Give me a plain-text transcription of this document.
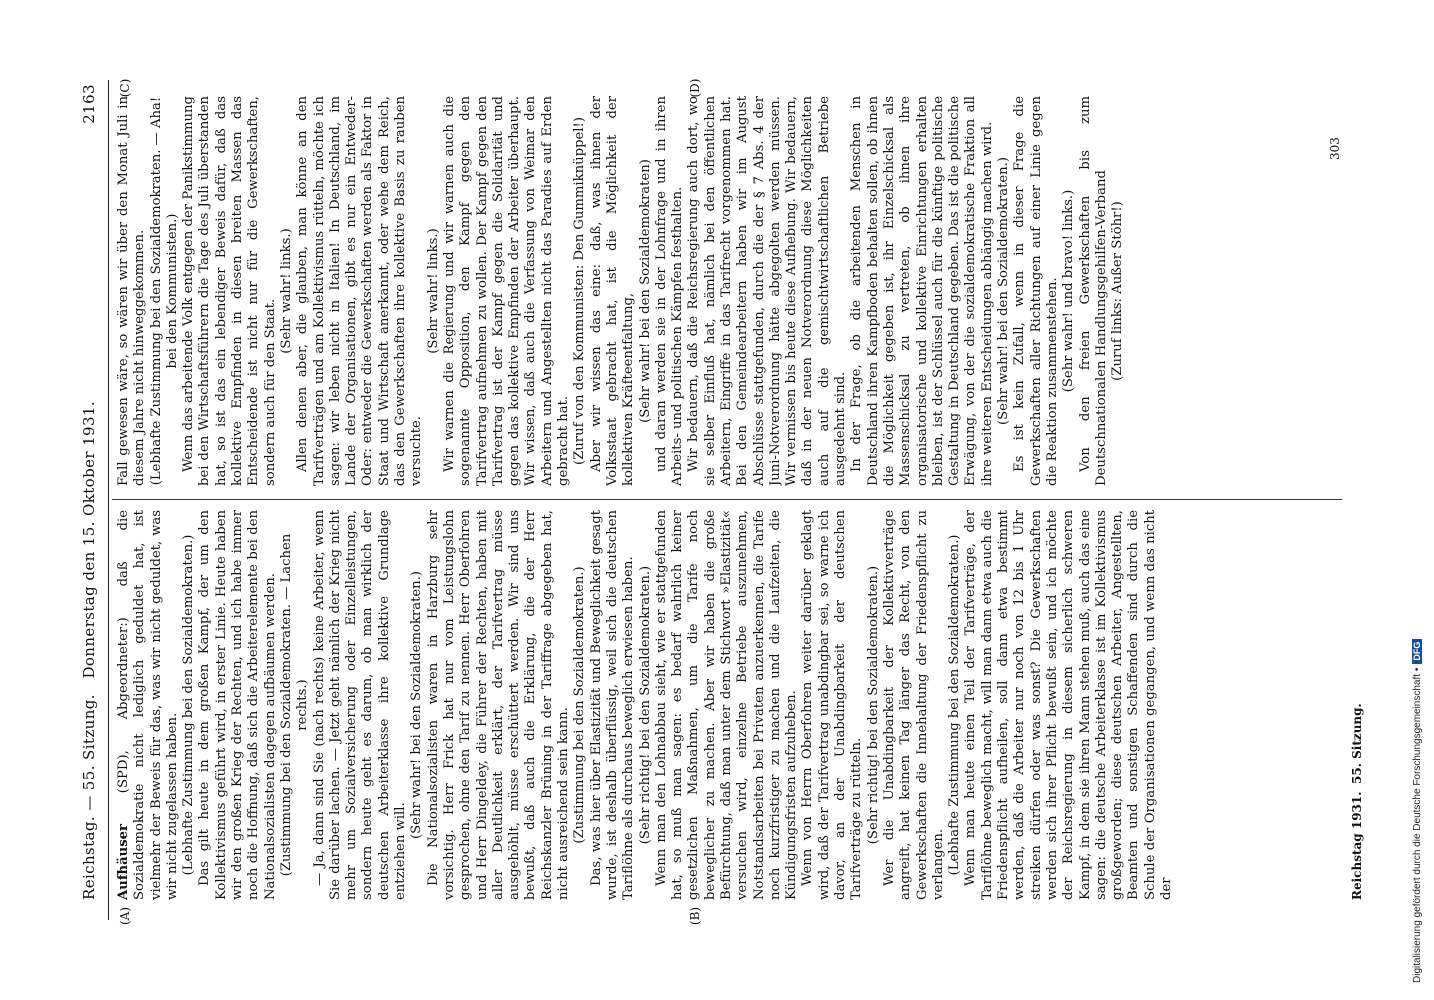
Reichstag. — 55. Sitzung.   Donnerstag den 15. Oktober 1931.
2163
(A)	(B)
(C)	(D)

Aufhäuser (SPD), Abgeordneter:) daß die Sozialdemokratie nicht lediglich geduldet hat, ist vielmehr der Beweis für das, was wir nicht geduldet, was wir nicht zugelassen haben. (Lebhafte Zustimmung bei den Sozialdemokraten.) Das gilt heute in dem großen Kampf, der um den Kollektivismus geführt wird, in erster Linie. Heute haben wir den großen Krieg der Rechten, und ich habe immer noch die Hoffnung, daß sich die Arbeiterelemente bei den Nationalsozialisten dagegen aufbäumen werden. (Zustimmung bei den Sozialdemokraten. — Lachen rechts.) — Ja, dann sind Sie (nach rechts) keine Arbeiter, wenn Sie darüber lachen. — Jetzt geht nämlich der Krieg nicht mehr um Sozialversicherung oder Einzelleistungen, sondern heute geht es darum, ob man wirklich der deutschen Arbeiterklasse ihre kollektive Grundlage entziehen will.

(Sehr wahr! bei den Sozialdemokraten.) Die Nationalsozialisten waren in Harzburg sehr vorsichtig. Herr Frick hat nur vom Leistungslohn gesprochen, ohne den Tarif zu nennen. Herr Oberfohren und Herr Dingeldey, die Führer der Rechten, haben mit aller Deutlichkeit erklärt, der Tarifvertrag müsse ausgehöhlt, müsse erschüttert werden. Wir sind uns bewußt, daß auch die Erklärung, die der Herr Reichskanzler Brüning in der Tariffrage abgegeben hat, nicht ausreichend sein kann. (Zustimmung bei den Sozialdemokraten.) Das, was hier über Elastizität und Beweglichkeit gesagt wurde, ist deshalb überflüssig, weil sich die deutschen Tariflöhne als durchaus beweglich erwiesen haben. (Sehr richtig! bei den Sozialdemokraten.) Wenn man den Lohnabbau sieht, wie er stattgefunden hat, so muß man sagen: es bedarf wahrlich keiner gesetzlichen Maßnahmen, um die Tarife noch beweglicher zu machen. Aber wir haben die große Befürchtung, daß man unter dem Stichwort »Elastizität« versuchen wird, einzelne Betriebe auszunehmen, Notstandsarbeiten bei Privaten anzuerkennen, die Tarife noch kurzfristiger zu machen und die Laufzeiten, die Kündigungsfristen aufzuheben. Wenn von Herrn Oberfohren weiter darüber geklagt wird, daß der Tarifvertrag unabdingbar sei, so warne ich davor, an der Unabdingbarkeit der deutschen Tarifverträge zu rütteln. (Sehr richtig! bei den Sozialdemokraten.) Wer die Unabdingbarkeit der Kollektivverträge angreift, hat keinen Tag länger das Recht, von den Gewerkschaften die Innehaltung der Friedenspflicht zu verlangen. (Lebhafte Zustimmung bei den Sozialdemokraten.) Wenn man heute einen Teil der Tarifverträge, der Tariflöhne beweglich macht, will man dann etwa auch die Friedenspflicht aufheilen, soll dann etwa bestimmt werden, daß die Arbeiter nur noch von 12 bis 1 Uhr streiken dürfen oder was sonst? Die Gewerkschaften werden sich ihrer Pflicht bewußt sein, und ich möchte der Reichsregierung in diesem sicherlich schweren Kampf, in dem sie ihren Mann stehen muß, auch das eine sagen: die deutsche Arbeiterklasse ist im Kollektivismus großgeworden; diese deutschen Arbeiter, Angestellten, Beamten und sonstigen Schaffenden sind durch die Schule der Organisationen gegangen, und wenn das nicht der

Fall gewesen wäre, so wären wir über den Monat Juli in diesem Jahre nicht hinweggekommen. (Lebhafte Zustimmung bei den Sozialdemokraten. — Aha! bei den Kommunisten.) Wenn das arbeitende Volk entgegen der Panikstimmung bei den Wirtschaftsführern die Tage des Juli überstanden hat, so ist das ein lebendiger Beweis dafür, daß das kollektive Empfinden in diesen breiten Massen das Entscheidende ist nicht nur für die Gewerkschaften, sondern auch für den Staat.

(Sehr wahr! links.) Allen denen aber, die glauben, man könne an den Tarifverträgen und am Kollektivismus rütteln, möchte ich sagen: wir leben nicht in Italien! In Deutschland, im Lande der Organisationen, gibt es nur ein Entweder-Oder: entweder die Gewerkschaften werden als Faktor in Staat und Wirtschaft anerkannt, oder wehe dem Reich, das den Gewerkschaften ihre kollektive Basis zu rauben versuchte.

(Sehr wahr! links.) Wir warnen die Regierung und wir warnen auch die sogenannte Opposition, den Kampf gegen den Tarifvertrag aufnehmen zu wollen. Der Kampf gegen den Tarifvertrag ist der Kampf gegen die Solidarität und gegen das kollektive Empfinden der Arbeiter überhaupt. Wir wissen, daß auch die Verfassung von Weimar den Arbeitern und Angestellten nicht das Paradies auf Erden gebracht hat. (Zuruf von den Kommunisten: Den Gummiknüppel!) Aber wir wissen das eine: daß, was ihnen der Volksstaat gebracht hat, ist die Möglichkeit der kollektiven Kräfteentfaltung, (Sehr wahr! bei den Sozialdemokraten) und daran werden sie in der Lohnfrage und in ihren Arbeits- und politischen Kämpfen festhalten. Wir bedauern, daß die Reichsregierung auch dort, wo sie selber Einfluß hat, nämlich bei den öffentlichen Arbeitern, Eingriffe in das Tarifrecht vorgenommen hat. Bei den Gemeindearbeitern haben wir im August Abschlüsse stattgefunden, durch die der § 7 Abs. 4 der Juni-Notverordnung hätte abgegolten werden müssen. Wir vermissen bis heute diese Aufhebung. Wir bedauern, daß in der neuen Notverordnung diese Möglichkeiten auch auf die gemischtwirtschaftlichen Betriebe ausgedehnt sind. In der Frage, ob die arbeitenden Menschen in Deutschland ihren Kampfboden behalten sollen, ob ihnen die Möglichkeit gegeben ist, ihr Einzelschicksal als Massenschicksal zu vertreten, ob ihnen ihre organisatorische und kollektive Einrichtungen erhalten bleiben, ist der Schlüssel auch für die künftige politische Gestaltung in Deutschland gegeben. Das ist die politische Erwägung, von der die sozialdemokratische Fraktion all ihre weiteren Entscheidungen abhängig machen wird. (Sehr wahr! bei den Sozialdemokraten.) Es ist kein Zufall, wenn in dieser Frage die Gewerkschaften aller Richtungen auf einer Linie gegen die Reaktion zusammenstehen. (Sehr wahr! und bravo! links.) Von den freien Gewerkschaften bis zum Deutschnationalen Handlungsgehilfen-Verband (Zuruf links: Außer Stöhr!)

Reichstag 1931.  55. Sitzung.
303
Digitalisierung gefördert durch die Deutsche Forschungsgemeinschaft •DFG
